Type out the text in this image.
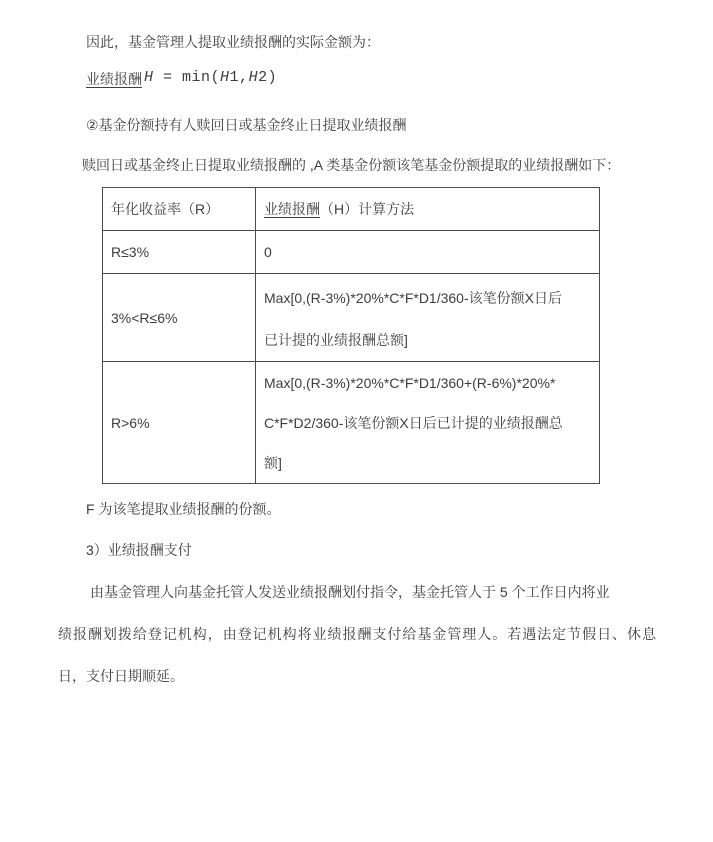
因此，基金管理人提取业绩报酬的实际金额为：

业绩报酬 H = min(H1,H2)

②基金份额持有人赎回日或基金终止日提取业绩报酬

赎回日或基金终止日提取业绩报酬的 ,A 类基金份额该笔基金份额提取的业绩报酬如下：

年化收益率（R）	业绩报酬（H）计算方法
R≤3%	0

3%<R≤6%	Max[0,(R-3%)*20%*C*F*D1/360-该笔份额X日后
已计提的业绩报酬总额]

R>6%	Max[0,(R-3%)*20%*C*F*D1/360+(R-6%)*20%*
C*F*D2/360-该笔份额X日后已计提的业绩报酬总
额]

F 为该笔提取业绩报酬的份额。

3）业绩报酬支付

由基金管理人向基金托管人发送业绩报酬划付指令，基金托管人于 5 个工作日内将业
绩报酬划拨给登记机构，由登记机构将业绩报酬支付给基金管理人。若遇法定节假日、休息
日，支付日期顺延。
